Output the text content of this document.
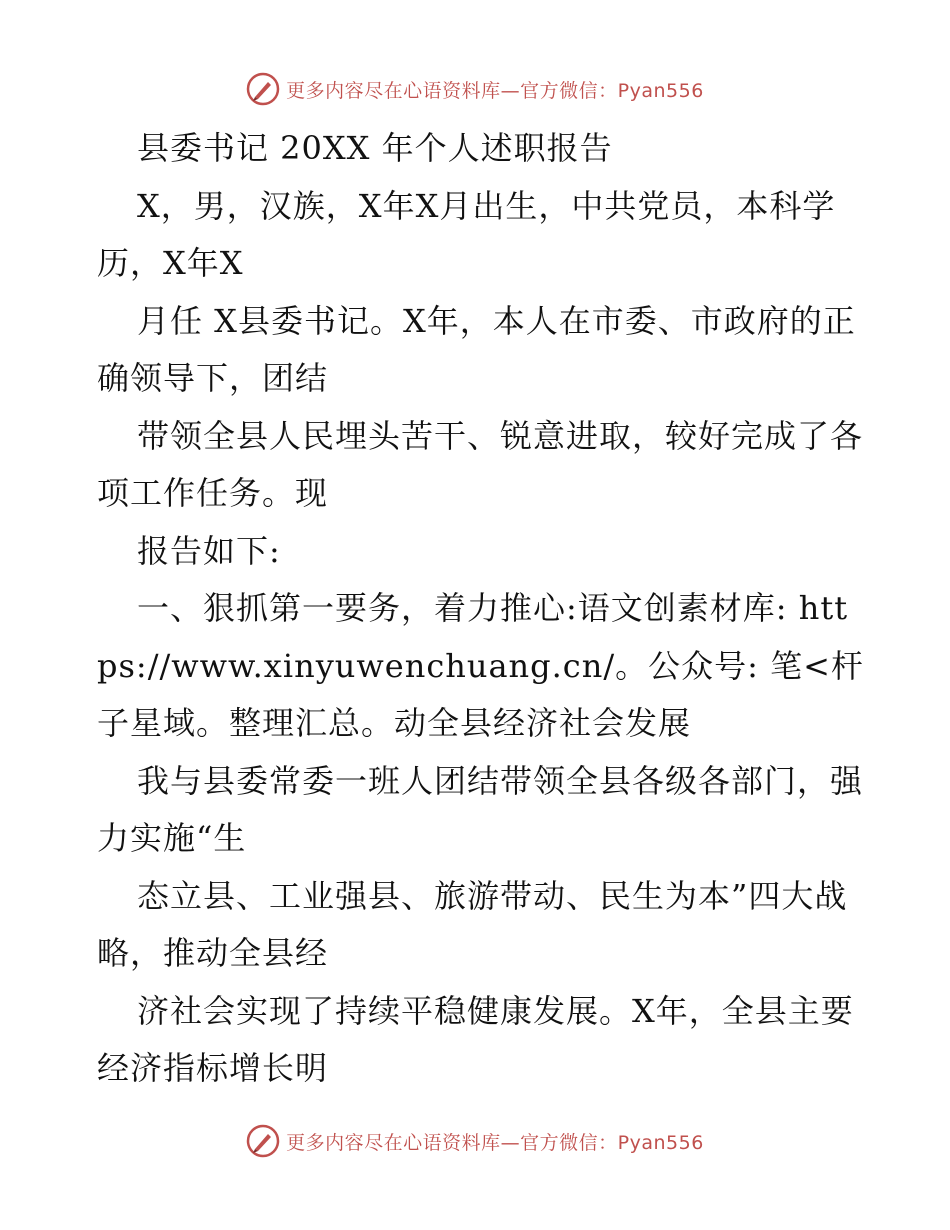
更多内容尽在心语资料库—官方微信：Pyan556

县委书记 20XX 年个人述职报告

X，男，汉族，X年X月出生，中共党员，本科学历，X年X

月任 X县委书记。X年，本人在市委、市政府的正确领导下，团结

带领全县人民埋头苦干、锐意进取，较好完成了各项工作任务。现

报告如下:

一、狠抓第一要务，着力推心:语文创素材库: https://www.xinyuwenchuang.cn/。公众号: 笔<杆子星域。整理汇总。动全县经济社会发展

我与县委常委一班人团结带领全县各级各部门，强力实施“生

态立县、工业强县、旅游带动、民生为本”四大战略，推动全县经

济社会实现了持续平稳健康发展。X年，全县主要经济指标增长明

更多内容尽在心语资料库—官方微信：Pyan556
